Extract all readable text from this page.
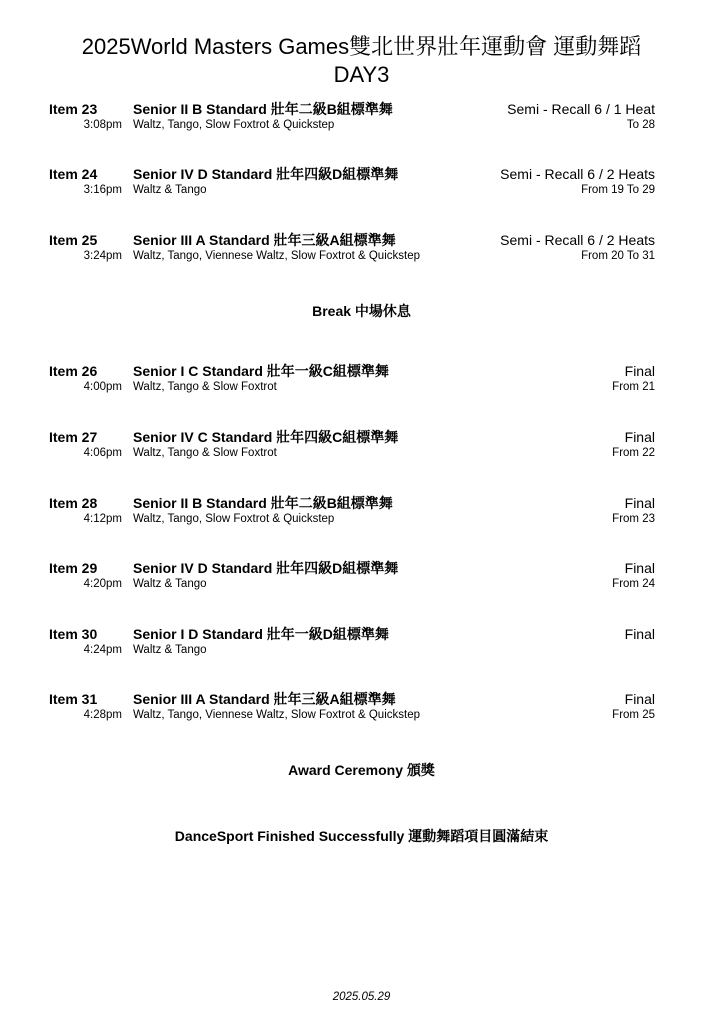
2025World Masters Games雙北世界壯年運動會 運動舞蹈
DAY3
Item 23	Senior II B Standard 壯年二級B組標準舞	Semi - Recall 6 / 1 Heat
3:08pm Waltz, Tango, Slow Foxtrot & Quickstep	To 28
Item 24	Senior IV D Standard 壯年四級D組標準舞	Semi - Recall 6 / 2 Heats
3:16pm Waltz & Tango	From 19 To 29
Item 25	Senior III A Standard 壯年三級A組標準舞	Semi - Recall 6 / 2 Heats
3:24pm Waltz, Tango, Viennese Waltz, Slow Foxtrot & Quickstep	From 20 To 31
Break 中場休息
Item 26	Senior I C Standard 壯年一級C組標準舞	Final
4:00pm Waltz, Tango & Slow Foxtrot	From 21
Item 27	Senior IV C Standard 壯年四級C組標準舞	Final
4:06pm Waltz, Tango & Slow Foxtrot	From 22
Item 28	Senior II B Standard 壯年二級B組標準舞	Final
4:12pm Waltz, Tango, Slow Foxtrot & Quickstep	From 23
Item 29	Senior IV D Standard 壯年四級D組標準舞	Final
4:20pm Waltz & Tango	From 24
Item 30	Senior I D Standard 壯年一級D組標準舞	Final
4:24pm Waltz & Tango
Item 31	Senior III A Standard 壯年三級A組標準舞	Final
4:28pm Waltz, Tango, Viennese Waltz, Slow Foxtrot & Quickstep	From 25
Award Ceremony 頒獎
DanceSport Finished Successfully 運動舞蹈項目圓滿結束
2025.05.29
